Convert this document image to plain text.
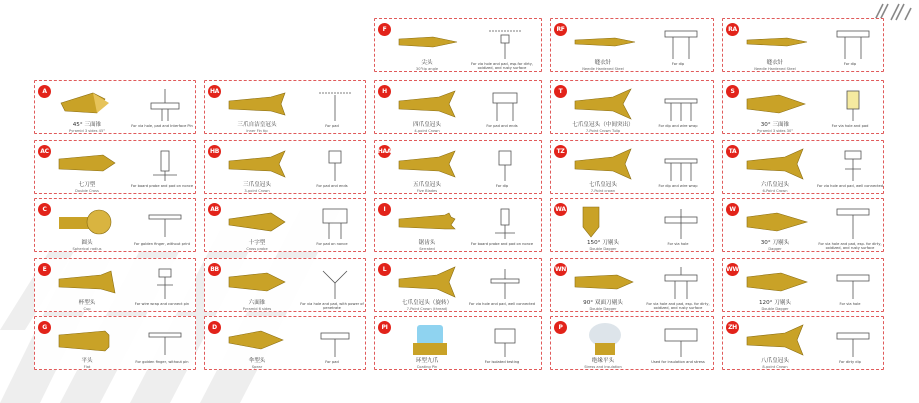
A
45° 三面锥
Pyramid 3 sides 45°
For via hole, pad and Interface Pin
AC
七刀型
Double Cross
For board probe and pad on nonce
C
圆头
Spherical radius
For golden finger, without print
E
杯型头
Cup
For wire wrap and connect pin
G
平头
Flat
For golden finger, without pin
HA
三爪自洁皇冠头
Inner Fin tip
For pad
HB
三爪皇冠头
3-point Crown
For pad and ends
AB
十字型
Cross probe
For pad on nonce
BB
六面锥
Pyramid 6 sides
For via hole and pad, with power of penetrate
D
伞型头
Spear
For pad
F
尖头
30°tip angle
For via hole and pad, esp.for dirty, oxidized, and rusty surface
H
四爪皇冠头
4-point Crown
For pad and ends
HAA
五爪皇冠头
Five Blades
For dip
I
锯齿头
Serrated
For board probe and pad on nonce
L
七爪皇冠头（旋转）
7-Point Crown (thread)
For via hole and pad, well connected
PI
环型九爪
Coating Pin
For isolated testing
RF
缝衣针
Needle Hardened Steel
For dip
T
七爪皇冠头（中间突出）
7-Point Crown Tulip
For dip and wire wrap
TZ
七爪皇冠头
7-Point crown
For dip and wire wrap
WA
150° 刀剔头
Double Dagger
For via hole
WN
90° 双面刀剔头
Double Dagger
For via hole and pad, esp. for dirty, oxidized, and rusty surface
P
绝缘平头
Stress and insulation
Used for insulation and stress
RA
缝衣针
Needle Hardened Steel
For dip
S
30° 三面锥
Pyramid 3 sides 30°
For via hole and pad
TA
六爪皇冠头
6-Point Crown
For via hole and pad, well connected
W
30° 刀剔头
Dagger
For via hole and pad, esp. for dirty, oxidized, and rusty surface
WW
120° 刀剔头
Double Dagger
For via hole
ZH
八爪皇冠头
8-point Crown
For dirty dip
